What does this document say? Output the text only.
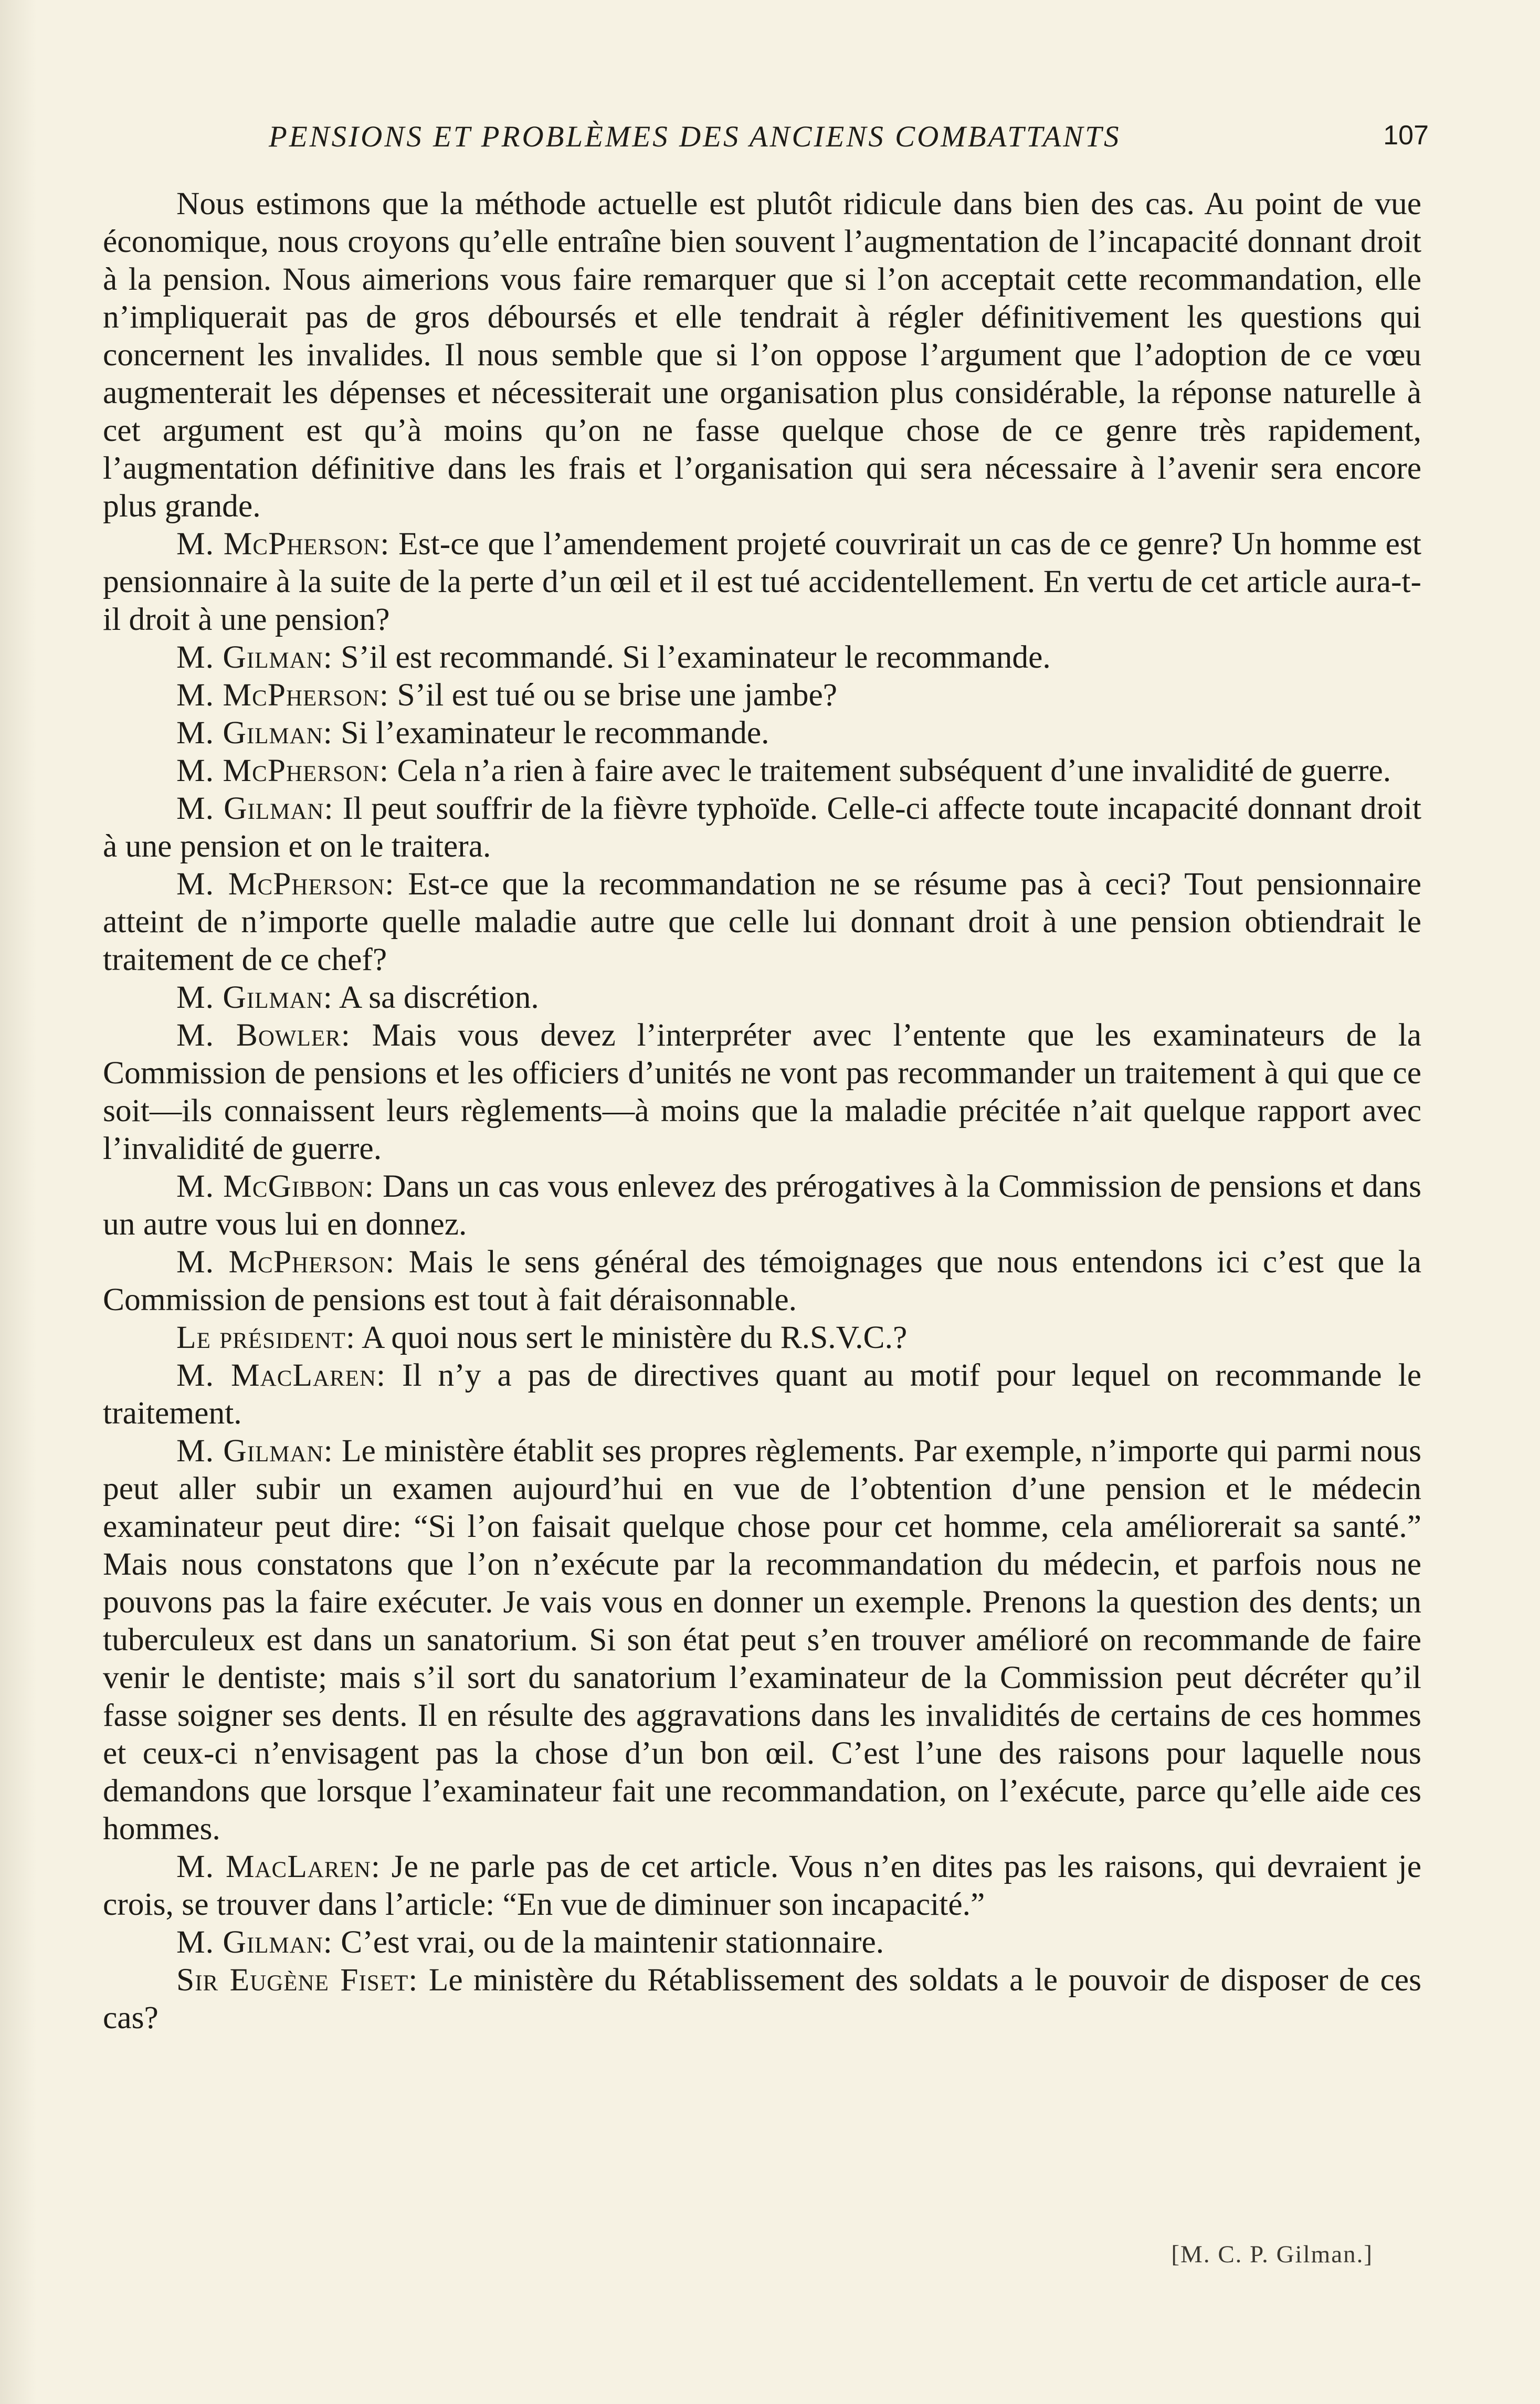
PENSIONS ET PROBLÈMES DES ANCIENS COMBATTANTS	107

Nous estimons que la méthode actuelle est plutôt ridicule dans bien des cas. Au point de vue économique, nous croyons qu’elle entraîne bien souvent l’augmentation de l’incapacité donnant droit à la pension. Nous aimerions vous faire remarquer que si l’on acceptait cette recommandation, elle n’impliquerait pas de gros déboursés et elle tendrait à régler définitivement les questions qui concernent les invalides. Il nous semble que si l’on oppose l’argument que l’adoption de ce vœu augmenterait les dépenses et nécessiterait une organisation plus considérable, la réponse naturelle à cet argument est qu’à moins qu’on ne fasse quelque chose de ce genre très rapidement, l’augmentation définitive dans les frais et l’organisation qui sera nécessaire à l’avenir sera encore plus grande.

M. McPherson: Est-ce que l’amendement projeté couvrirait un cas de ce genre? Un homme est pensionnaire à la suite de la perte d’un œil et il est tué accidentellement. En vertu de cet article aura-t-il droit à une pension?

M. Gilman: S’il est recommandé. Si l’examinateur le recommande.

M. McPherson: S’il est tué ou se brise une jambe?

M. Gilman: Si l’examinateur le recommande.

M. McPherson: Cela n’a rien à faire avec le traitement subséquent d’une invalidité de guerre.

M. Gilman: Il peut souffrir de la fièvre typhoïde. Celle-ci affecte toute incapacité donnant droit à une pension et on le traitera.

M. McPherson: Est-ce que la recommandation ne se résume pas à ceci? Tout pensionnaire atteint de n’importe quelle maladie autre que celle lui donnant droit à une pension obtiendrait le traitement de ce chef?

M. Gilman: A sa discrétion.

M. Bowler: Mais vous devez l’interpréter avec l’entente que les examinateurs de la Commission de pensions et les officiers d’unités ne vont pas recommander un traitement à qui que ce soit—ils connaissent leurs règlements—à moins que la maladie précitée n’ait quelque rapport avec l’invalidité de guerre.

M. McGibbon: Dans un cas vous enlevez des prérogatives à la Commission de pensions et dans un autre vous lui en donnez.

M. McPherson: Mais le sens général des témoignages que nous entendons ici c’est que la Commission de pensions est tout à fait déraisonnable.

Le président: A quoi nous sert le ministère du R.S.V.C.?

M. MacLaren: Il n’y a pas de directives quant au motif pour lequel on recommande le traitement.

M. Gilman: Le ministère établit ses propres règlements. Par exemple, n’importe qui parmi nous peut aller subir un examen aujourd’hui en vue de l’obtention d’une pension et le médecin examinateur peut dire: “Si l’on faisait quelque chose pour cet homme, cela améliorerait sa santé.” Mais nous constatons que l’on n’exécute par la recommandation du médecin, et parfois nous ne pouvons pas la faire exécuter. Je vais vous en donner un exemple. Prenons la question des dents; un tuberculeux est dans un sanatorium. Si son état peut s’en trouver amélioré on recommande de faire venir le dentiste; mais s’il sort du sanatorium l’examinateur de la Commission peut décréter qu’il fasse soigner ses dents. Il en résulte des aggravations dans les invalidités de certains de ces hommes et ceux-ci n’envisagent pas la chose d’un bon œil. C’est l’une des raisons pour laquelle nous demandons que lorsque l’examinateur fait une recommandation, on l’exécute, parce qu’elle aide ces hommes.

M. MacLaren: Je ne parle pas de cet article. Vous n’en dites pas les raisons, qui devraient je crois, se trouver dans l’article: “En vue de diminuer son incapacité.”

M. Gilman: C’est vrai, ou de la maintenir stationnaire.

Sir Eugène Fiset: Le ministère du Rétablissement des soldats a le pouvoir de disposer de ces cas?

[M. C. P. Gilman.]
